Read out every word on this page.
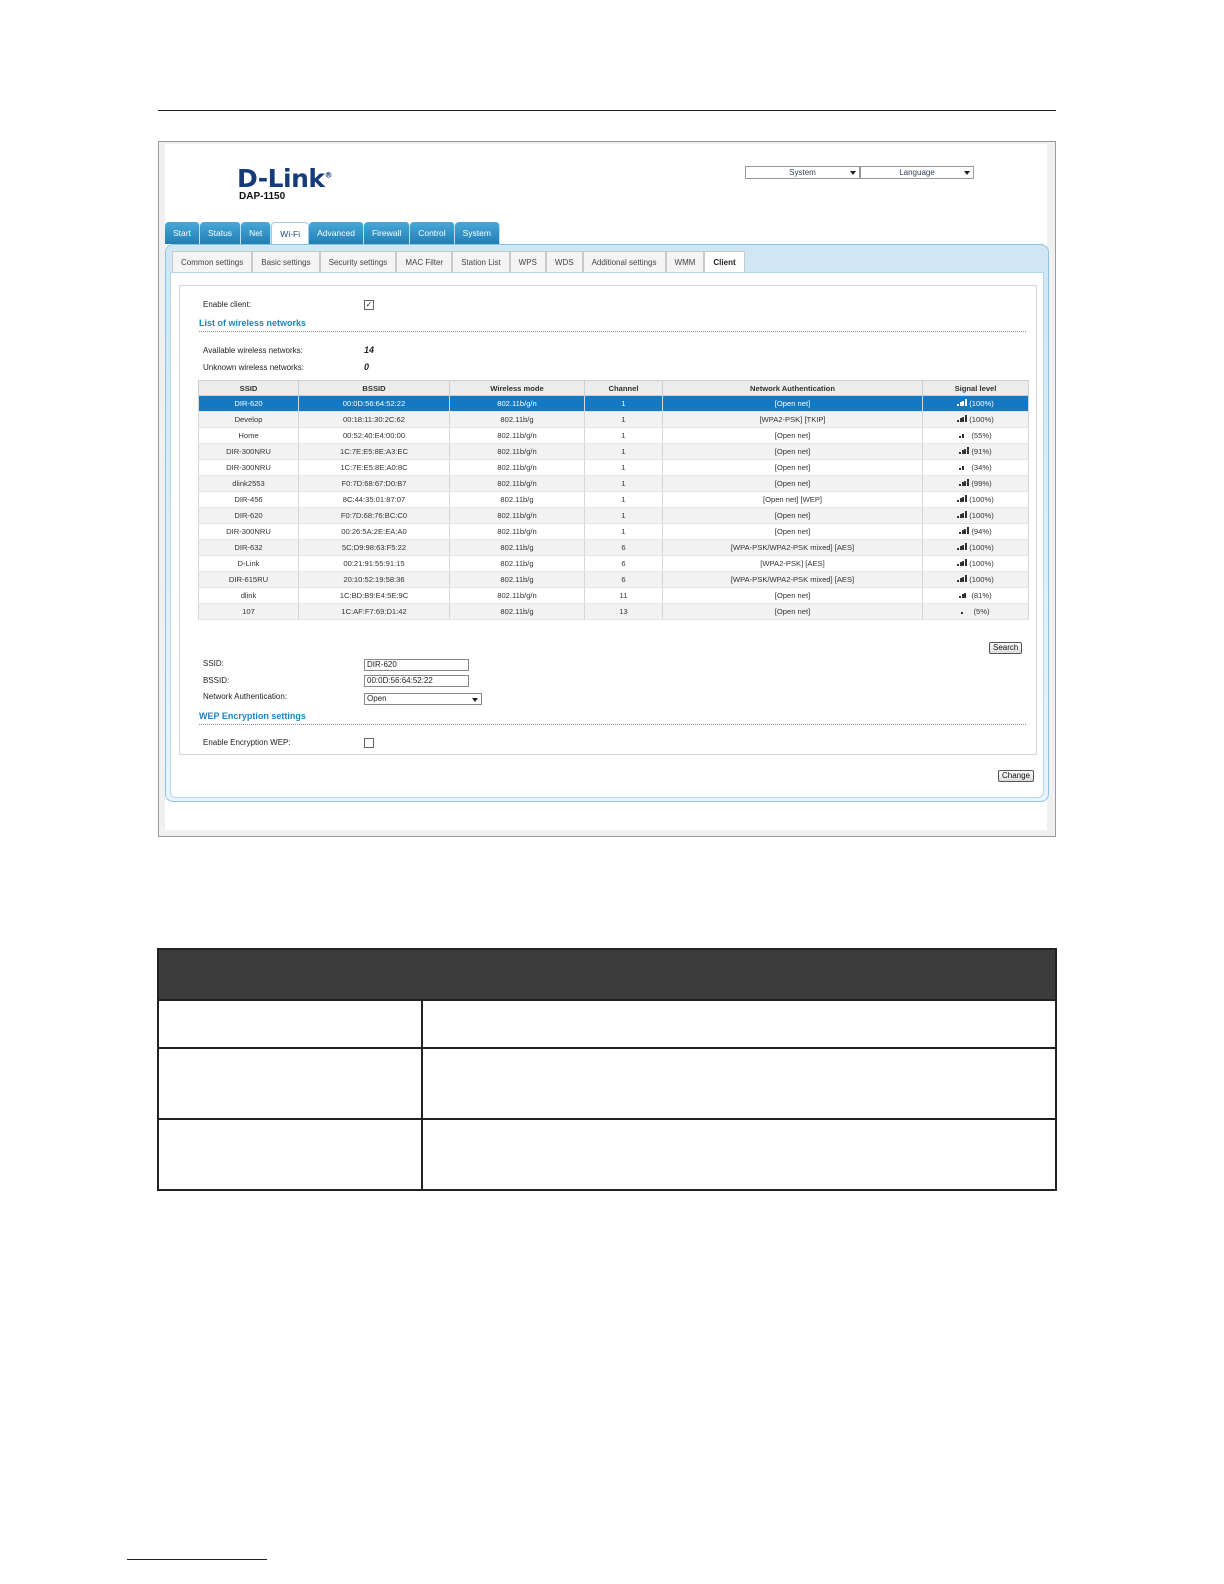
D-Link®
DAP-1150
System	Language
Start	Status	Net	Wi-Fi	Advanced	Firewall	Control	System
Common settings	Basic settings	Security settings	MAC Filter	Station List	WPS	WDS	Additional settings	WMM	Client
Enable client:	✓
List of wireless networks
Available wireless networks:	14
Unknown wireless networks:	0
SSID	BSSID	Wireless mode	Channel	Network Authentication	Signal level
DIR-620	00:0D:56:64:52:22	802.11b/g/n	1	[Open net]	(100%)
Develop	00:18:11:30:2C:62	802.11b/g	1	[WPA2-PSK] [TKIP]	(100%)
Home	00:52:40:E4:00:00	802.11b/g/n	1	[Open net]	(55%)
DIR-300NRU	1C:7E:E5:8E:A3:EC	802.11b/g/n	1	[Open net]	(91%)
DIR-300NRU	1C:7E:E5:8E:A0:8C	802.11b/g/n	1	[Open net]	(34%)
dlink2553	F0:7D:68:67:D0:B7	802.11b/g/n	1	[Open net]	(99%)
DIR-456	8C:44:35:01:87:07	802.11b/g	1	[Open net] [WEP]	(100%)
DIR-620	F0:7D:68:76:BC:C0	802.11b/g/n	1	[Open net]	(100%)
DIR-300NRU	00:26:5A:2E:EA:A0	802.11b/g/n	1	[Open net]	(94%)
DIR-632	5C:D9:98:63:F5:22	802.11b/g	6	[WPA-PSK/WPA2-PSK mixed] [AES]	(100%)
D-Link	00:21:91:55:91:15	802.11b/g	6	[WPA2-PSK] [AES]	(100%)
DIR-615RU	20:10:52:19:58:36	802.11b/g	6	[WPA-PSK/WPA2-PSK mixed] [AES]	(100%)
dlink	1C:BD:B9:E4:5E:9C	802.11b/g/n	11	[Open net]	(81%)
107	1C:AF:F7:69:D1:42	802.11b/g	13	[Open net]	(5%)
Search
SSID:	DIR-620
BSSID:	00:0D:56:64:52:22
Network Authentication:	Open
WEP Encryption settings
Enable Encryption WEP:
Change
